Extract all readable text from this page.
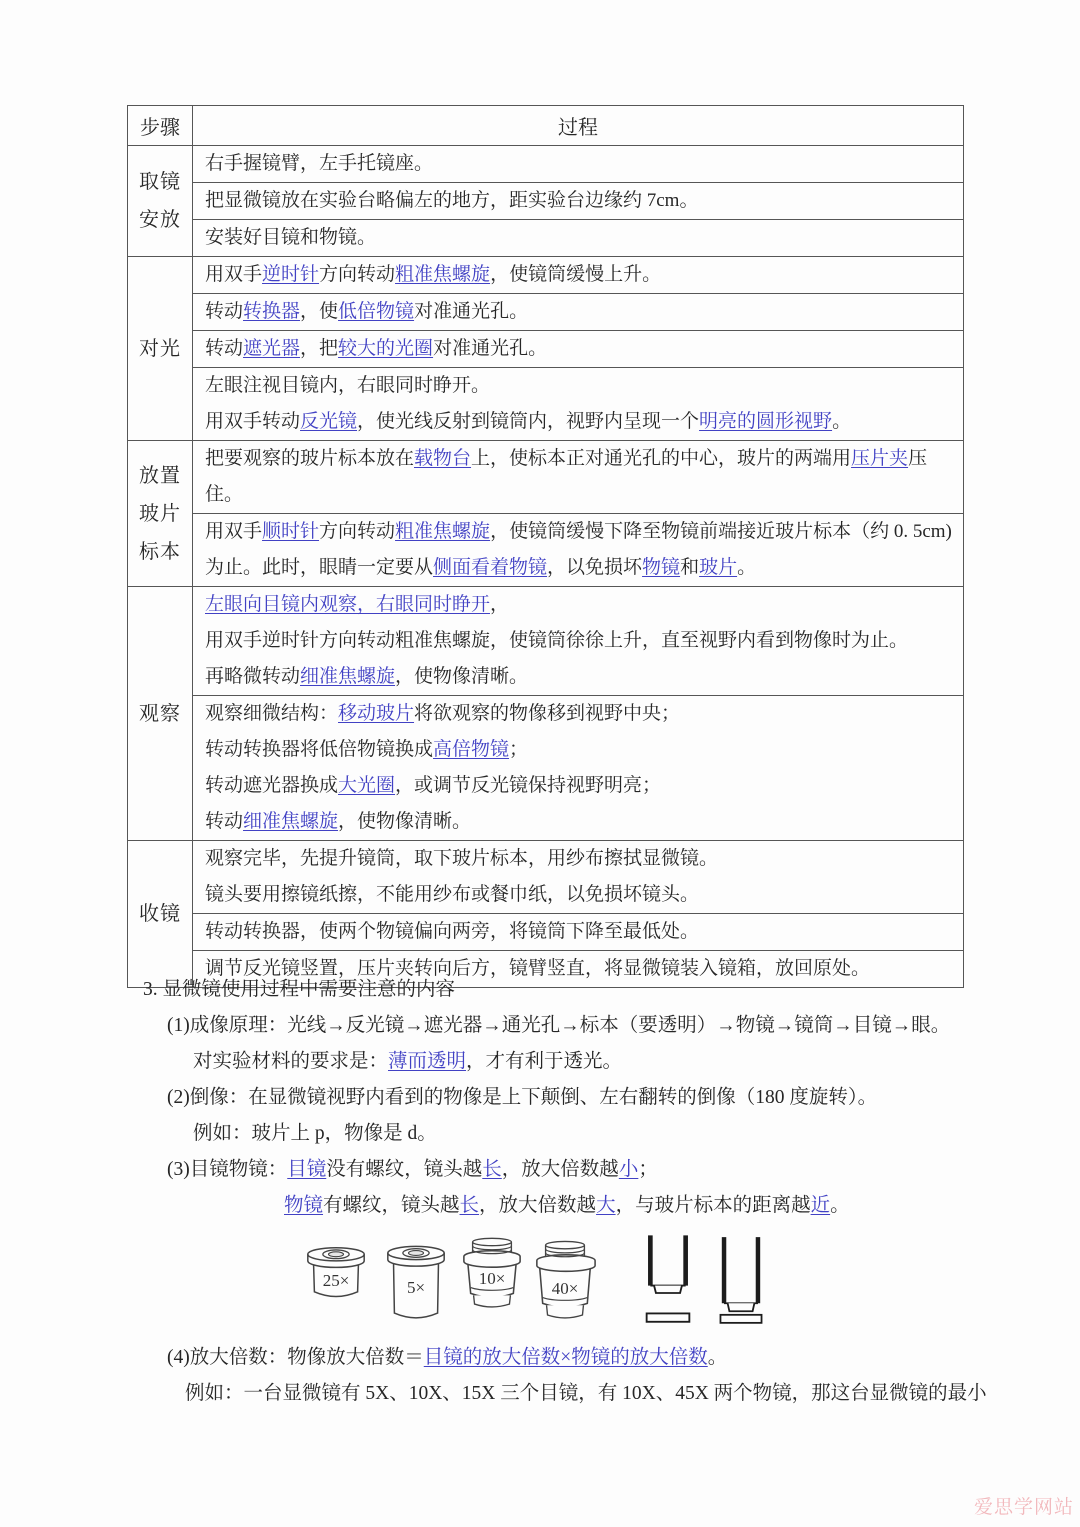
步骤	过程

取镜
安放	右手握镜臂，左手托镜座。

	把显微镜放在实验台略偏左的地方，距实验台边缘约 7cm。

	安装好目镜和物镜。

对光	用双手逆时针方向转动粗准焦螺旋，使镜筒缓慢上升。

	转动转换器，使低倍物镜对准通光孔。

	转动遮光器，把较大的光圈对准通光孔。

	左眼注视目镜内，右眼同时睁开。

用双手转动反光镜，使光线反射到镜筒内，视野内呈现一个明亮的圆形视野。

放置
玻片
标本	把要观察的玻片标本放在载物台上，使标本正对通光孔的中心，玻片的两端用压片夹压住。

	用双手顺时针方向转动粗准焦螺旋，使镜筒缓慢下降至物镜前端接近玻片标本（约 0. 5cm)为止。此时，眼睛一定要从侧面看着物镜，以免损坏物镜和玻片。

观察	左眼向目镜内观察，右眼同时睁开，

用双手逆时针方向转动粗准焦螺旋，使镜筒徐徐上升，直至视野内看到物像时为止。

再略微转动细准焦螺旋，使物像清晰。

	观察细微结构：移动玻片将欲观察的物像移到视野中央；

转动转换器将低倍物镜换成高倍物镜；

转动遮光器换成大光圈，或调节反光镜保持视野明亮；

转动细准焦螺旋，使物像清晰。

收镜	观察完毕，先提升镜筒，取下玻片标本，用纱布擦拭显微镜。

镜头要用擦镜纸擦，不能用纱布或餐巾纸，以免损坏镜头。

	转动转换器，使两个物镜偏向两旁，将镜筒下降至最低处。

	调节反光镜竖置，压片夹转向后方，镜臂竖直，将显微镜装入镜箱，放回原处。

3. 显微镜使用过程中需要注意的内容
(1)成像原理：光线→反光镜→遮光器→通光孔→标本（要透明）→物镜→镜筒→目镜→眼。
对实验材料的要求是：薄而透明，才有利于透光。
(2)倒像：在显微镜视野内看到的物像是上下颠倒、左右翻转的倒像（180 度旋转）。
例如：玻片上 p，物像是 d。
(3)目镜物镜：目镜没有螺纹，镜头越长，放大倍数越小；
物镜有螺纹，镜头越长，放大倍数越大，与玻片标本的距离越近。
25×	5×	10×
40×
(4)放大倍数：物像放大倍数＝目镜的放大倍数×物镜的放大倍数。
例如：一台显微镜有 5X、10X、15X 三个目镜，有 10X、45X 两个物镜，那这台显微镜的最小
爱思学网站
